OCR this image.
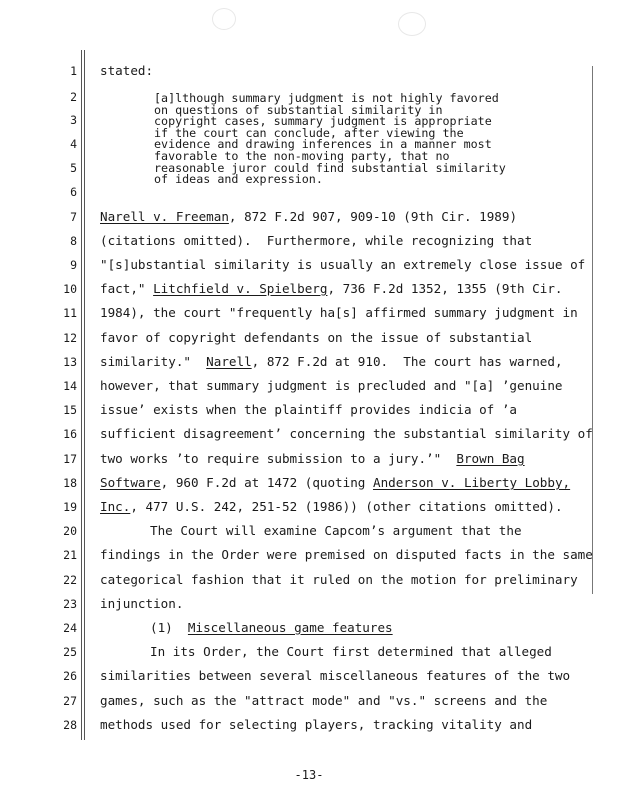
1
2
3
4
5
6
7
8
9
10
11
12
13
14
15
16
17
18
19
20
21
22
23
24
25
26
27
28
stated:
[a]lthough summary judgment is not highly favored
on questions of substantial similarity in
copyright cases, summary judgment is appropriate
if the court can conclude, after viewing the
evidence and drawing inferences in a manner most
favorable to the non-moving party, that no
reasonable juror could find substantial similarity
of ideas and expression.
Narell v. Freeman, 872 F.2d 907, 909-10 (9th Cir. 1989)
(citations omitted).  Furthermore, while recognizing that
"[s]ubstantial similarity is usually an extremely close issue of
fact," Litchfield v. Spielberg, 736 F.2d 1352, 1355 (9th Cir.
1984), the court "frequently ha[s] affirmed summary judgment in
favor of copyright defendants on the issue of substantial
similarity."  Narell, 872 F.2d at 910.  The court has warned,
however, that summary judgment is precluded and "[a] ’genuine
issue’ exists when the plaintiff provides indicia of ’a
sufficient disagreement’ concerning the substantial similarity of
two works ’to require submission to a jury.’"  Brown Bag
Software, 960 F.2d at 1472 (quoting Anderson v. Liberty Lobby,
Inc., 477 U.S. 242, 251-52 (1986)) (other citations omitted).
The Court will examine Capcom’s argument that the
findings in the Order were premised on disputed facts in the same
categorical fashion that it ruled on the motion for preliminary
injunction.
(1)  Miscellaneous game features
In its Order, the Court first determined that alleged
similarities between several miscellaneous features of the two
games, such as the "attract mode" and "vs." screens and the
methods used for selecting players, tracking vitality and
-13-
